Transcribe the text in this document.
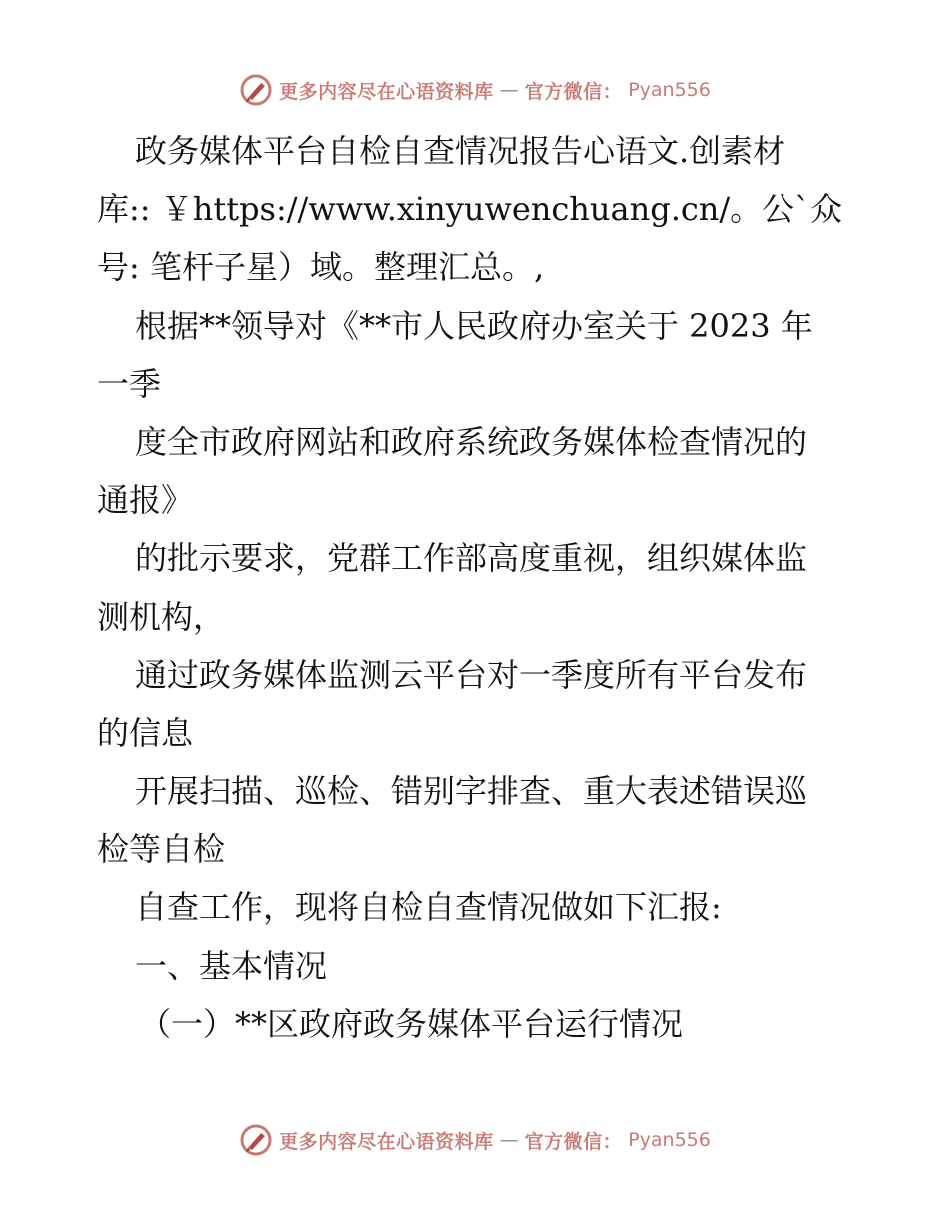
更多内容尽在心语资料库 — 官方微信： Pyan556
政务媒体平台自检自查情况报告心语文.创素材
库:: ￥https://www.xinyuwenchuang.cn/。公`众
号: 笔杆子星）域。整理汇总。,
根据**领导对《**市人民政府办室关于 2023 年
一季
度全市政府网站和政府系统政务媒体检查情况的
通报》
的批示要求，党群工作部高度重视，组织媒体监
测机构，
通过政务媒体监测云平台对一季度所有平台发布
的信息
开展扫描、巡检、错别字排查、重大表述错误巡
检等自检
自查工作，现将自检自查情况做如下汇报:
一、基本情况
（一）**区政府政务媒体平台运行情况
更多内容尽在心语资料库 — 官方微信： Pyan556
